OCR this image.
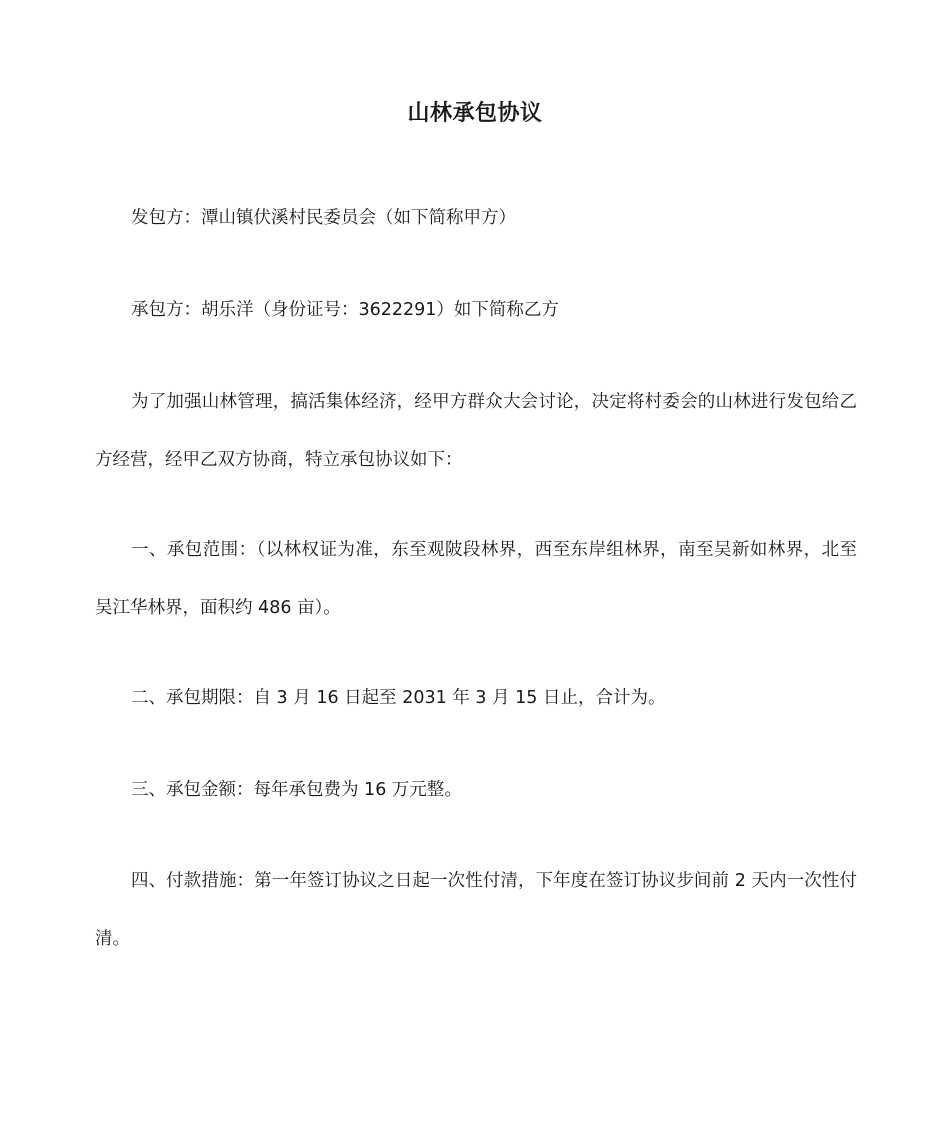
山林承包协议

发包方：潭山镇伏溪村民委员会（如下简称甲方）

承包方：胡乐洋（身份证号：3622291）如下简称乙方

为了加强山林管理，搞活集体经济，经甲方群众大会讨论，决定将村委会的山林进行发包给乙方经营，经甲乙双方协商，特立承包协议如下：

一、承包范围：（以林权证为准，东至观陂段林界，西至东岸组林界，南至吴新如林界，北至吴江华林界，面积约 486 亩）。

二、承包期限：自 3 月 16 日起至 2031 年 3 月 15 日止，合计为。

三、承包金额：每年承包费为 16 万元整。

四、付款措施：第一年签订协议之日起一次性付清，下年度在签订协议步间前 2 天内一次性付清。
